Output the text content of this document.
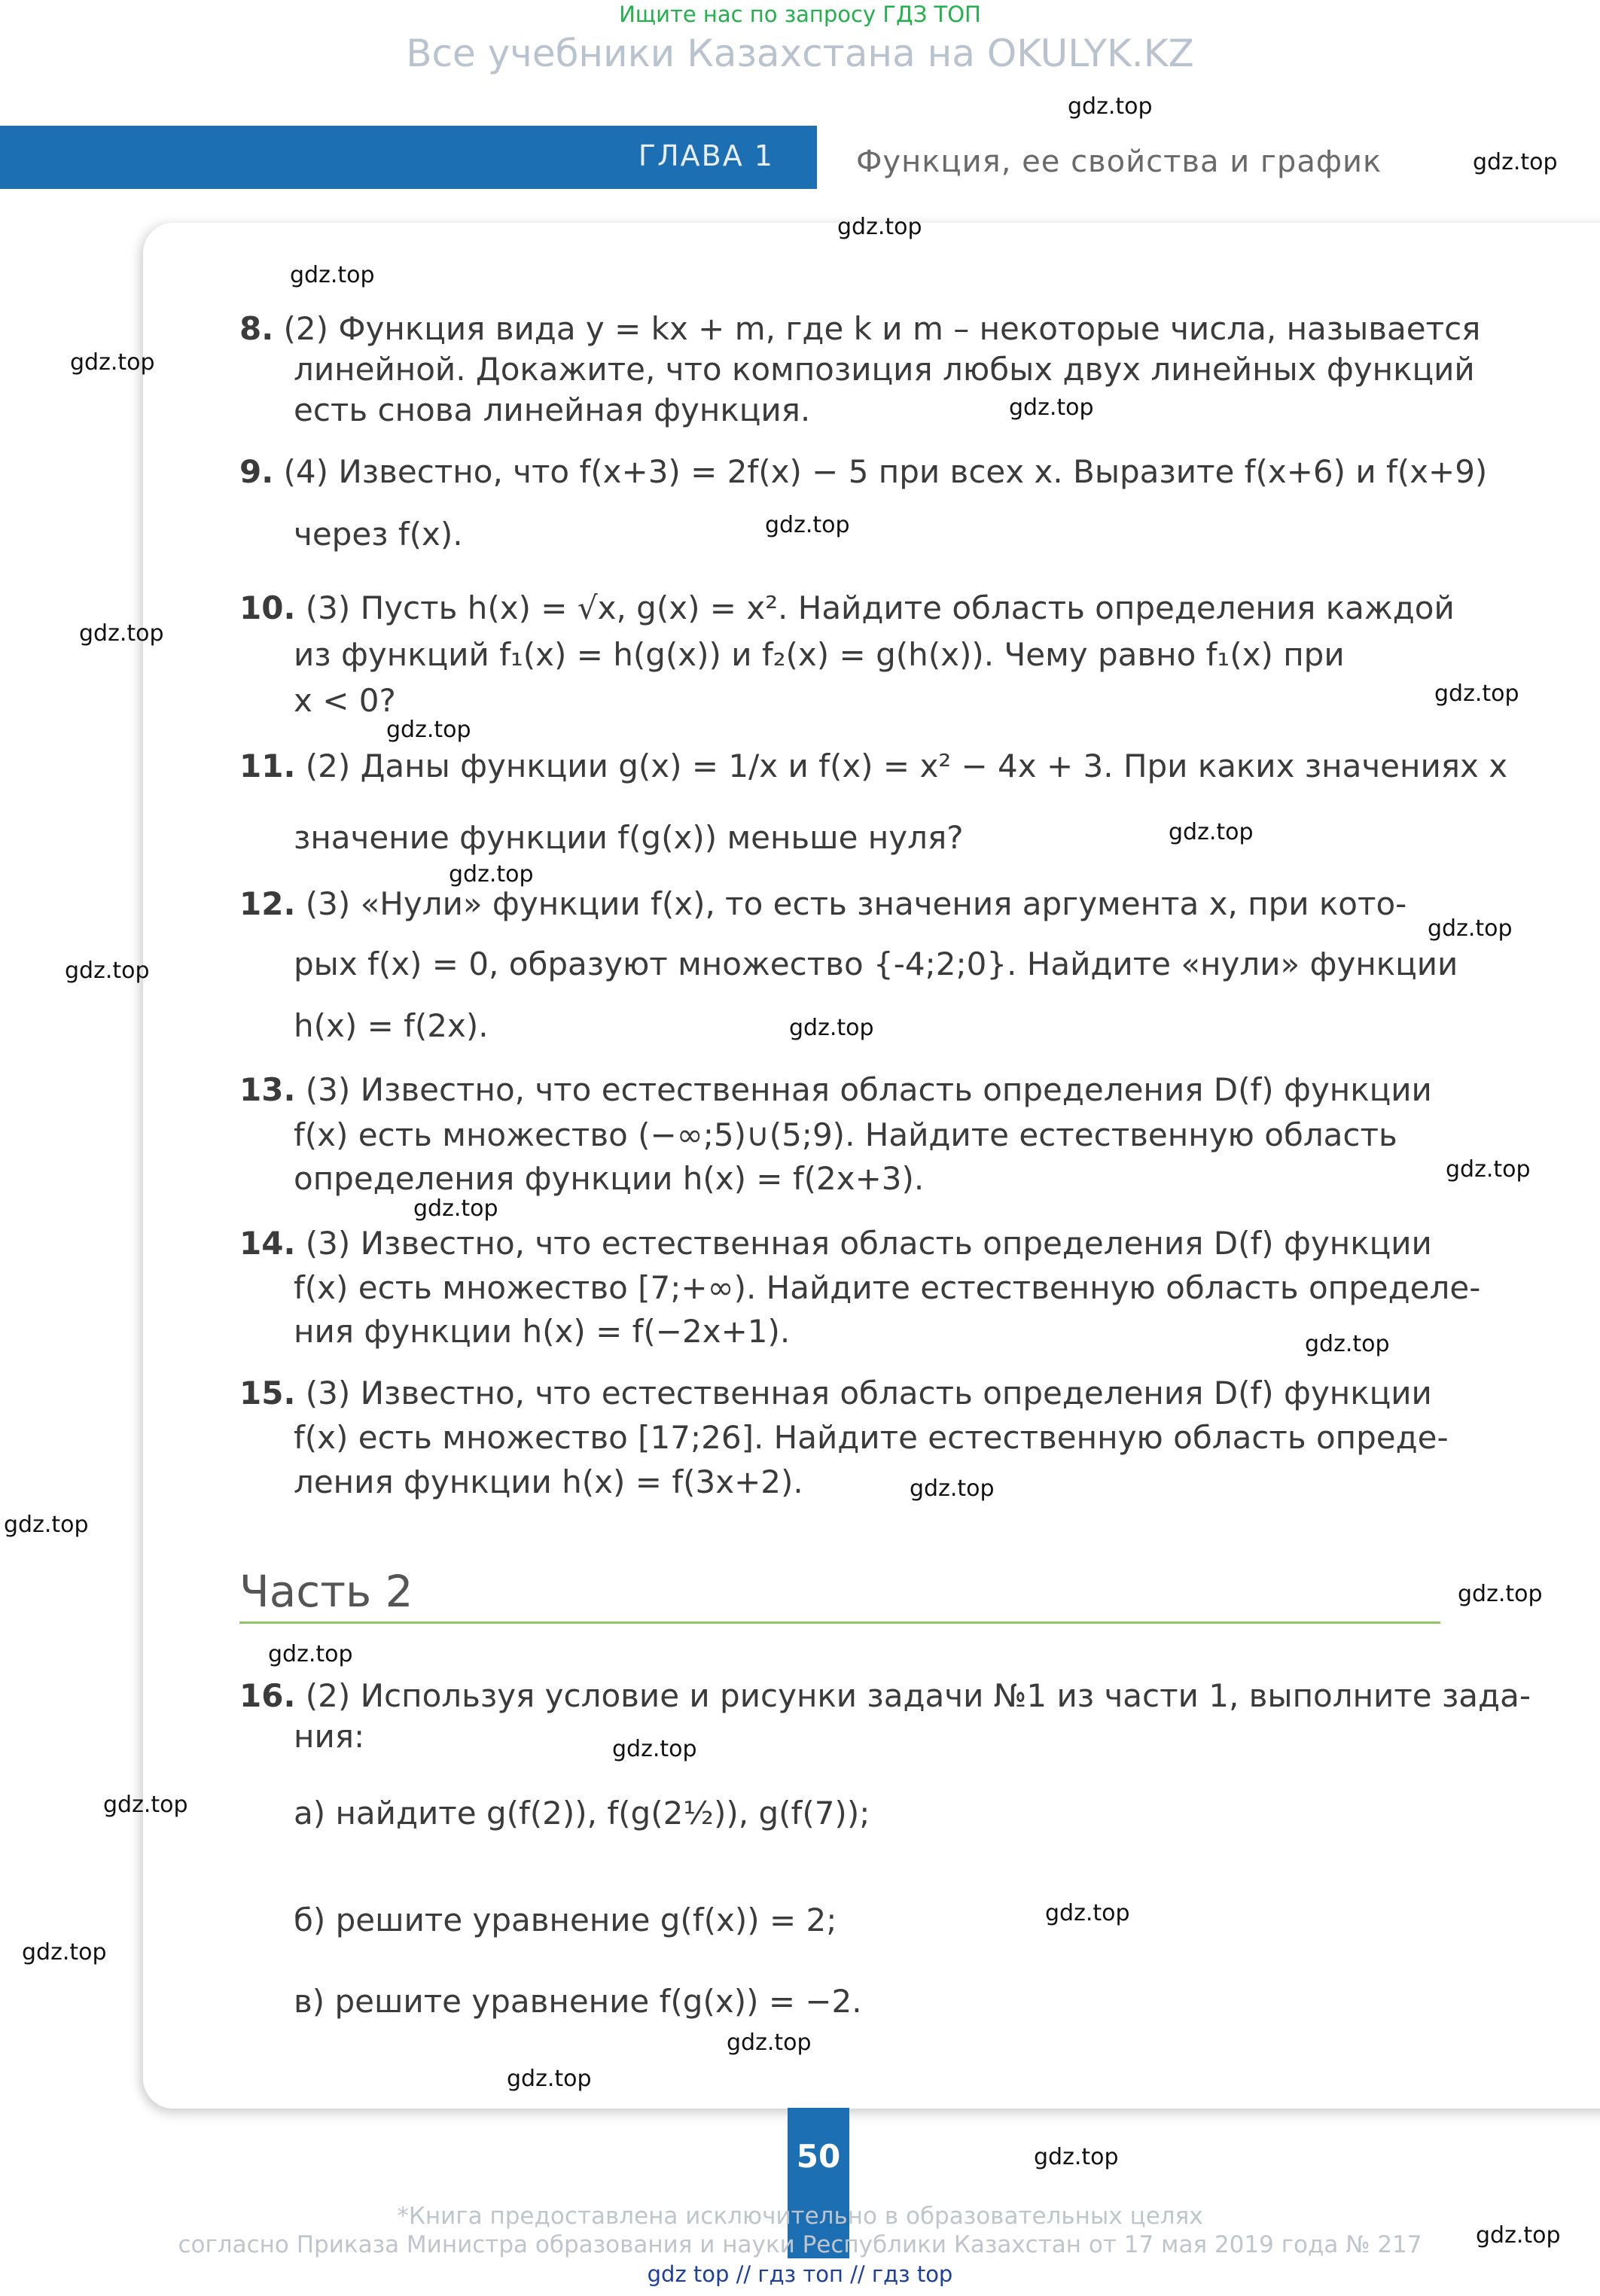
Ищите нас по запросу ГДЗ ТОП
Все учебники Казахстана на OKULYK.KZ
ГЛАВА 1	Функция, ее свойства и график
8. (2) Функция вида y = kx + m, где k и m – некоторые числа, называется
линейной. Докажите, что композиция любых двух линейных функций
есть снова линейная функция.
9. (4) Известно, что f(x+3) = 2f(x) − 5 при всех x. Выразите f(x+6) и f(x+9)
через f(x).
10. (3) Пусть h(x) = √x, g(x) = x². Найдите область определения каждой
из функций f₁(x) = h(g(x)) и f₂(x) = g(h(x)). Чему равно f₁(x) при
x < 0?
11. (2) Даны функции g(x) = 1/x и f(x) = x² − 4x + 3. При каких значениях x
значение функции f(g(x)) меньше нуля?
12. (3) «Нули» функции f(x), то есть значения аргумента x, при кото-
рых f(x) = 0, образуют множество {-4;2;0}. Найдите «нули» функции
h(x) = f(2x).
13. (3) Известно, что естественная область определения D(f) функции
f(x) есть множество (−∞;5)∪(5;9). Найдите естественную область
определения функции h(x) = f(2x+3).
14. (3) Известно, что естественная область определения D(f) функции
f(x) есть множество [7;+∞). Найдите естественную область определе-
ния функции h(x) = f(−2x+1).
15. (3) Известно, что естественная область определения D(f) функции
f(x) есть множество [17;26]. Найдите естественную область опреде-
ления функции h(x) = f(3x+2).
Часть 2
16. (2) Используя условие и рисунки задачи №1 из части 1, выполните зада-
ния:
а) найдите g(f(2)), f(g(2½)), g(f(7));
б) решите уравнение g(f(x)) = 2;
в) решите уравнение f(g(x)) = −2.
50
*Книга предоставлена исключительно в образовательных целях
согласно Приказа Министра образования и науки Республики Казахстан от 17 мая 2019 года № 217
gdz top // гдз топ // гдз top
gdz.top
gdz.top
gdz.top
gdz.top
gdz.top
gdz.top
gdz.top
gdz.top
gdz.top
gdz.top
gdz.top
gdz.top
gdz.top
gdz.top
gdz.top
gdz.top
gdz.top
gdz.top
gdz.top
gdz.top
gdz.top
gdz.top
gdz.top
gdz.top
gdz.top
gdz.top
gdz.top
gdz.top
gdz.top
gdz.top
